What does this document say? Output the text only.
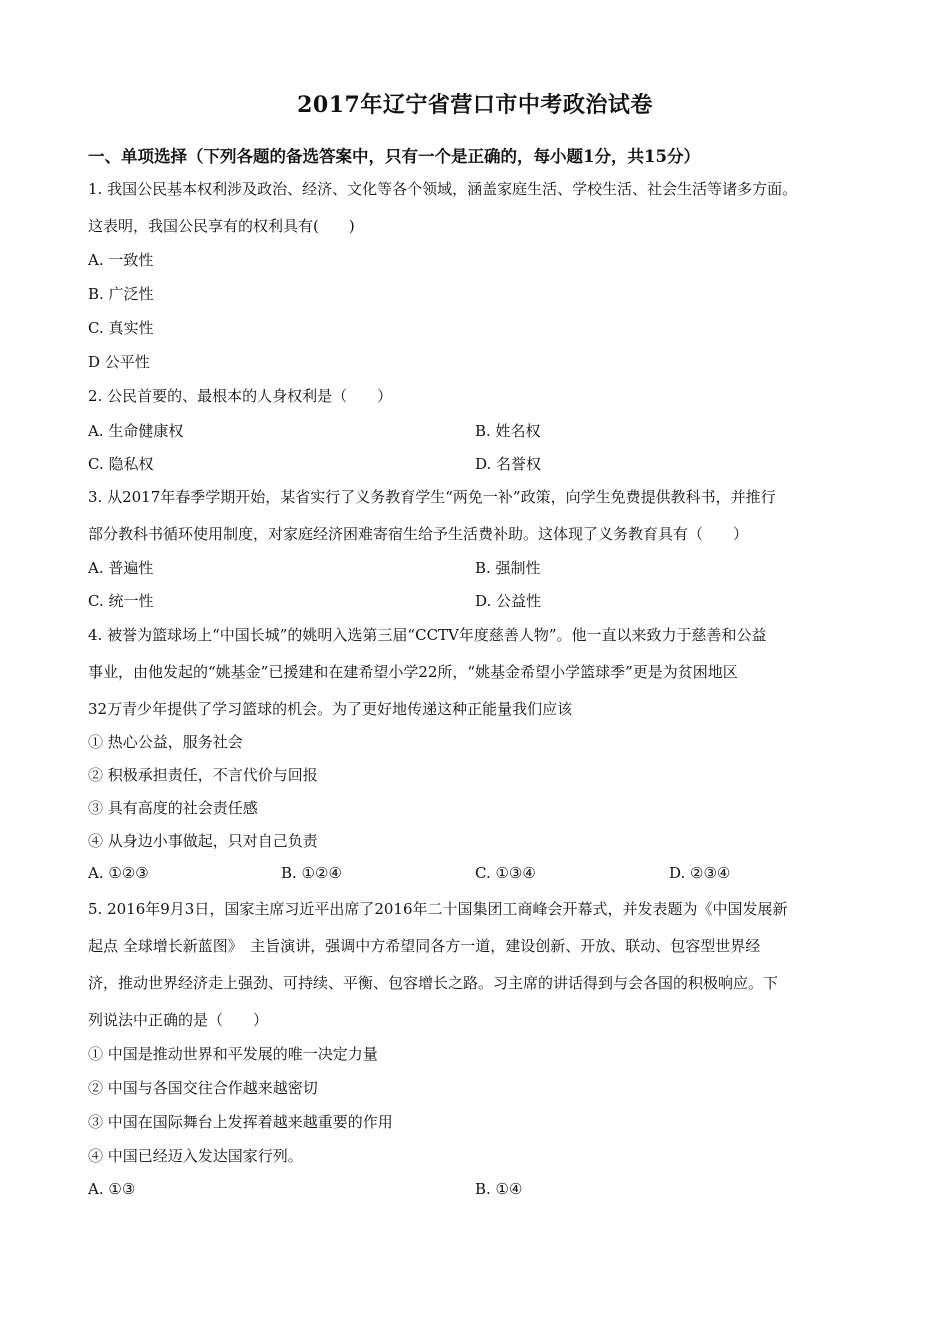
2017年辽宁省营口市中考政治试卷
一、单项选择（下列各题的备选答案中，只有一个是正确的，每小题1分，共15分）
1. 我国公民基本权利涉及政治、经济、文化等各个领域，涵盖家庭生活、学校生活、社会生活等诸多方面。
这表明，我国公民享有的权利具有(　　)
A. 一致性
B. 广泛性
C. 真实性
D 公平性
2. 公民首要的、最根本的人身权利是（　　）
A. 生命健康权	B. 姓名权
C. 隐私权	D. 名誉权
3. 从2017年春季学期开始，某省实行了义务教育学生“两免一补”政策，向学生免费提供教科书，并推行
部分教科书循环使用制度，对家庭经济困难寄宿生给予生活费补助。这体现了义务教育具有（　　）
A. 普遍性	B. 强制性
C. 统一性	D. 公益性
4. 被誉为篮球场上“中国长城”的姚明入选第三届“CCTV年度慈善人物”。他一直以来致力于慈善和公益
事业，由他发起的“姚基金”已援建和在建希望小学22所，“姚基金希望小学篮球季”更是为贫困地区
32万青少年提供了学习篮球的机会。为了更好地传递这种正能量我们应该
① 热心公益，服务社会
② 积极承担责任，不言代价与回报
③ 具有高度的社会责任感
④ 从身边小事做起，只对自己负责
A. ①②③	B. ①②④	C. ①③④	D. ②③④
5. 2016年9月3日，国家主席习近平出席了2016年二十国集团工商峰会开幕式，并发表题为《中国发展新
起点 全球增长新蓝图》　主旨演讲，强调中方希望同各方一道，建设创新、开放、联动、包容型世界经
济，推动世界经济走上强劲、可持续、平衡、包容增长之路。习主席的讲话得到与会各国的积极响应。下
列说法中正确的是（　　）
① 中国是推动世界和平发展的唯一决定力量
② 中国与各国交往合作越来越密切
③ 中国在国际舞台上发挥着越来越重要的作用
④ 中国已经迈入发达国家行列。
A. ①③	B. ①④
